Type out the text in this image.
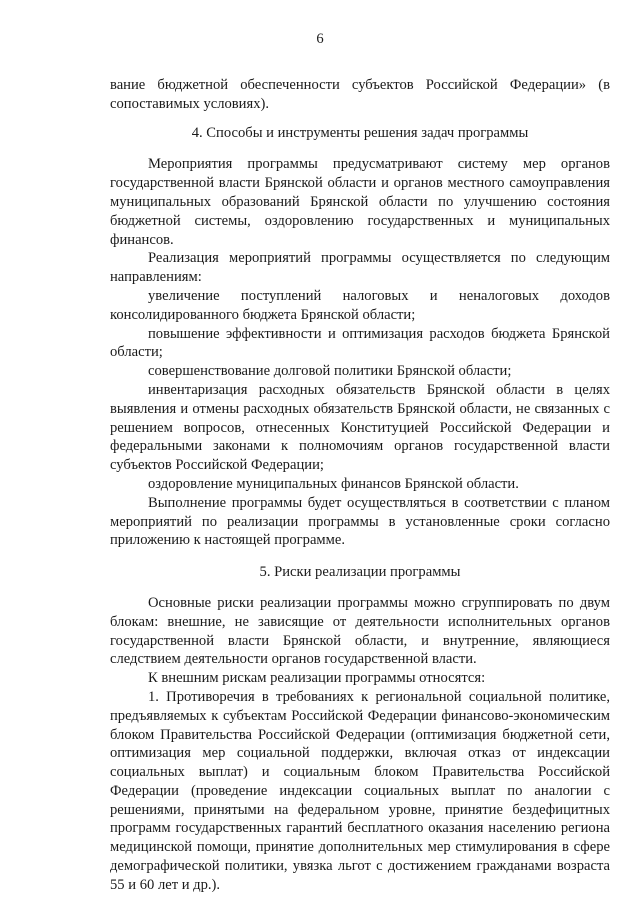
6

вание бюджетной обеспеченности субъектов Российской Федерации» (в сопоставимых условиях).

4. Способы и инструменты решения задач программы

Мероприятия программы предусматривают систему мер органов государственной власти Брянской области и органов местного самоуправления муниципальных образований Брянской области по улучшению состояния бюджетной системы, оздоровлению государственных и муниципальных финансов.

Реализация мероприятий программы осуществляется по следующим направлениям:

увеличение поступлений налоговых и неналоговых доходов консолидированного бюджета Брянской области;

повышение эффективности и оптимизация расходов бюджета Брянской области;

совершенствование долговой политики Брянской области;

инвентаризация расходных обязательств Брянской области в целях выявления и отмены расходных обязательств Брянской области, не связанных с решением вопросов, отнесенных Конституцией Российской Федерации и федеральными законами к полномочиям органов государственной власти субъектов Российской Федерации;

оздоровление муниципальных финансов Брянской области.

Выполнение программы будет осуществляться в соответствии с планом мероприятий по реализации программы в установленные сроки согласно приложению к настоящей программе.

5. Риски реализации программы

Основные риски реализации программы можно сгруппировать по двум блокам: внешние, не зависящие от деятельности исполнительных органов государственной власти Брянской области, и внутренние, являющиеся следствием деятельности органов государственной власти.

К внешним рискам реализации программы относятся:

1. Противоречия в требованиях к региональной социальной политике, предъявляемых к субъектам Российской Федерации финансово-экономическим блоком Правительства Российской Федерации (оптимизация бюджетной сети, оптимизация мер социальной поддержки, включая отказ от индексации социальных выплат) и социальным блоком Правительства Российской Федерации (проведение индексации социальных выплат по аналогии с решениями, принятыми на федеральном уровне, принятие бездефицитных программ государственных гарантий бесплатного оказания населению региона медицинской помощи, принятие дополнительных мер стимулирования в сфере демографической политики, увязка льгот с достижением гражданами возраста 55 и 60 лет и др.).
